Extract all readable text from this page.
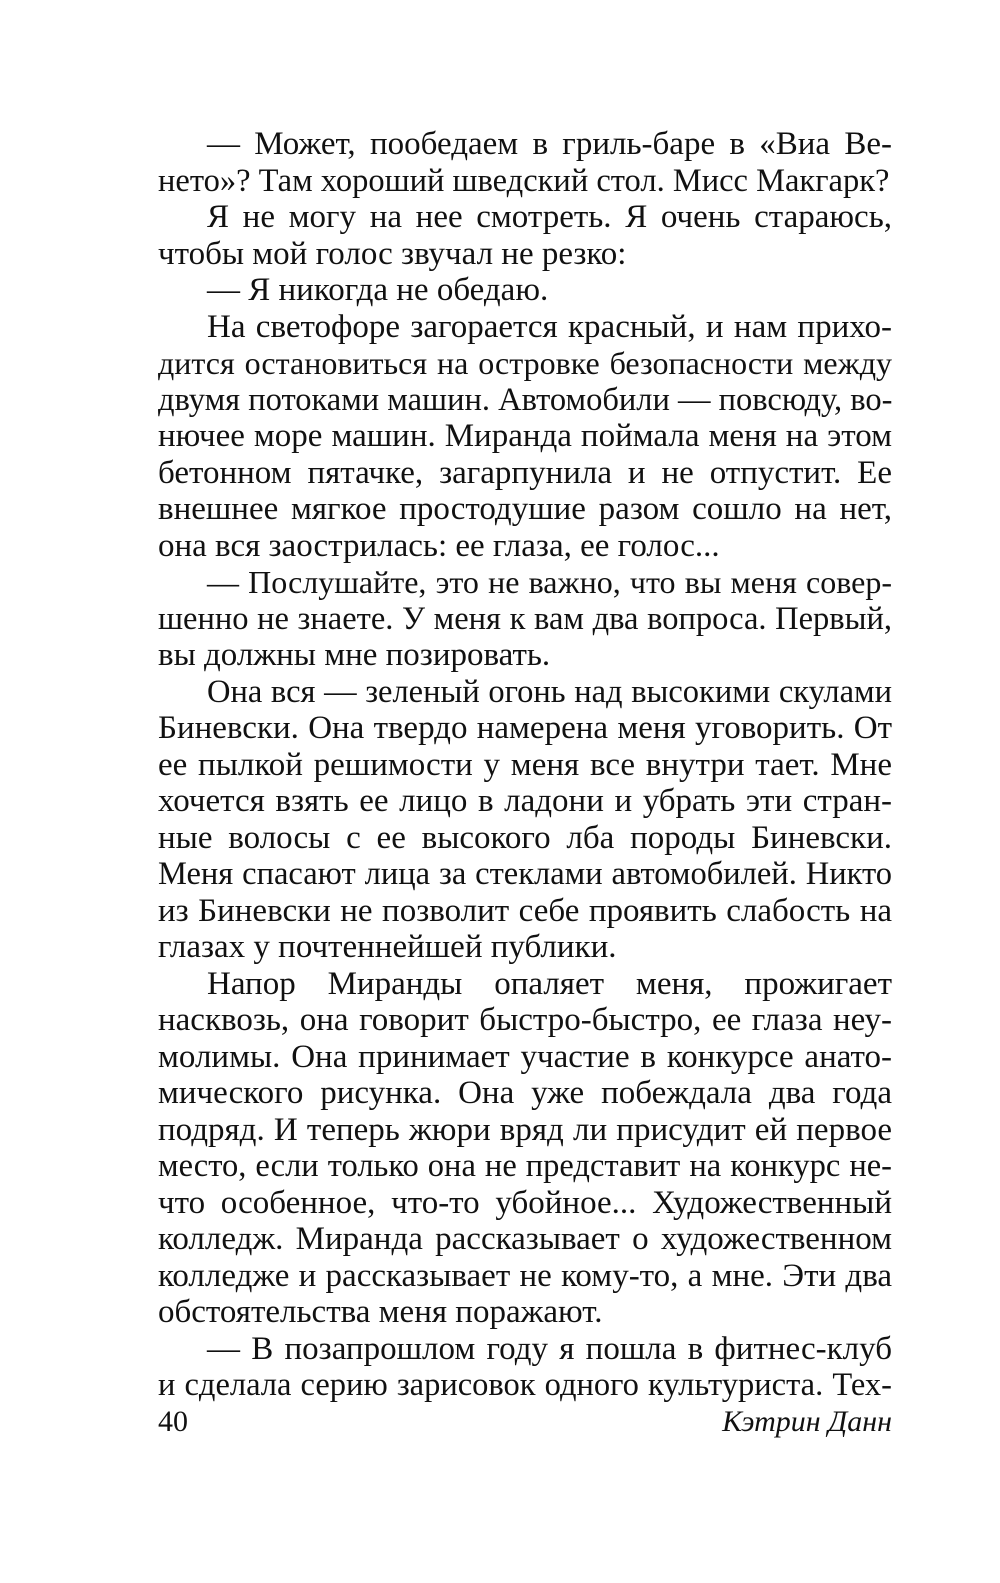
— Может, пообедаем в гриль-баре в «Виа Ве-
нето»? Там хороший шведский стол. Мисс Макгарк?
Я не могу на нее смотреть. Я очень стараюсь,
чтобы мой голос звучал не резко:
— Я никогда не обедаю.
На светофоре загорается красный, и нам прихо-
дится остановиться на островке безопасности между
двумя потоками машин. Автомобили — повсюду, во-
нючее море машин. Миранда поймала меня на этом
бетонном пятачке, загарпунила и не отпустит. Ее
внешнее мягкое простодушие разом сошло на нет,
она вся заострилась: ее глаза, ее голос...
— Послушайте, это не важно, что вы меня совер-
шенно не знаете. У меня к вам два вопроса. Первый,
вы должны мне позировать.
Она вся — зеленый огонь над высокими скулами
Биневски. Она твердо намерена меня уговорить. От
ее пылкой решимости у меня все внутри тает. Мне
хочется взять ее лицо в ладони и убрать эти стран-
ные волосы с ее высокого лба породы Биневски.
Меня спасают лица за стеклами автомобилей. Никто
из Биневски не позволит себе проявить слабость на
глазах у почтеннейшей публики.
Напор Миранды опаляет меня, прожигает
насквозь, она говорит быстро-быстро, ее глаза неу-
молимы. Она принимает участие в конкурсе анато-
мического рисунка. Она уже побеждала два года
подряд. И теперь жюри вряд ли присудит ей первое
место, если только она не представит на конкурс не-
что особенное, что-то убойное... Художественный
колледж. Миранда рассказывает о художественном
колледже и рассказывает не кому-то, а мне. Эти два
обстоятельства меня поражают.
— В позапрошлом году я пошла в фитнес-клуб
и сделала серию зарисовок одного культуриста. Тех-
40	Кэтрин Данн
